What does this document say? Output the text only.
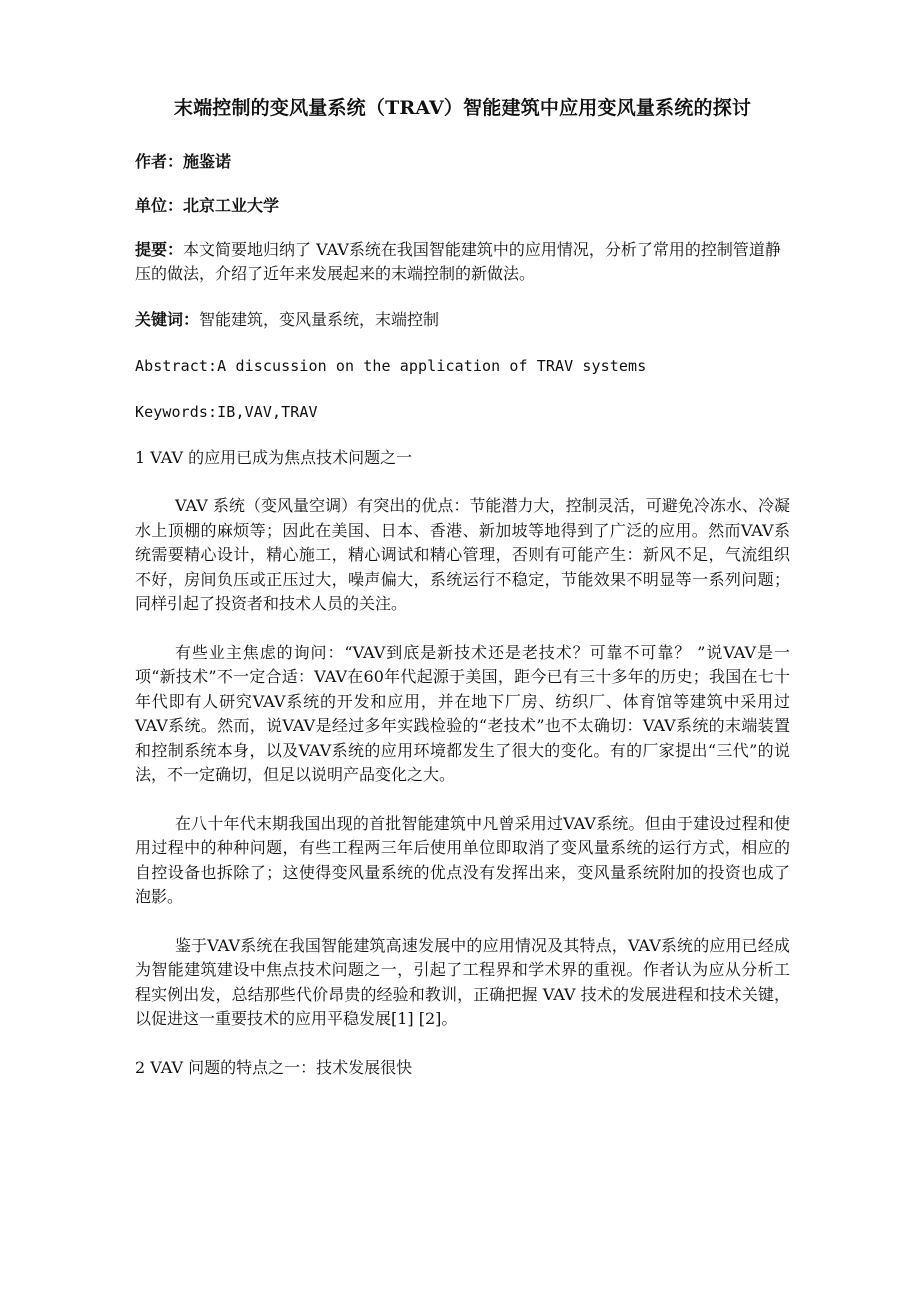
末端控制的变风量系统（TRAV）智能建筑中应用变风量系统的探讨

作者：施鉴诺

单位：北京工业大学

提要：本文简要地归纳了 VAV系统在我国智能建筑中的应用情况，分析了常用的控制管道静压的做法，介绍了近年来发展起来的末端控制的新做法。

关键词：智能建筑，变风量系统，末端控制

Abstract:A discussion on the application of TRAV systems

Keywords:IB,VAV,TRAV

1 VAV 的应用已成为焦点技术问题之一

VAV 系统（变风量空调）有突出的优点：节能潜力大，控制灵活，可避免冷冻水、冷凝水上顶棚的麻烦等；因此在美国、日本、香港、新加坡等地得到了广泛的应用。然而VAV系统需要精心设计，精心施工，精心调试和精心管理，否则有可能产生：新风不足，气流组织不好，房间负压或正压过大，噪声偏大，系统运行不稳定，节能效果不明显等一系列问题；同样引起了投资者和技术人员的关注。

有些业主焦虑的询问：“VAV到底是新技术还是老技术？可靠不可靠？ ”说VAV是一项“新技术”不一定合适：VAV在60年代起源于美国，距今已有三十多年的历史；我国在七十年代即有人研究VAV系统的开发和应用，并在地下厂房、纺织厂、体育馆等建筑中采用过VAV系统。然而，说VAV是经过多年实践检验的“老技术”也不太确切：VAV系统的末端装置和控制系统本身，以及VAV系统的应用环境都发生了很大的变化。有的厂家提出“三代”的说法，不一定确切，但足以说明产品变化之大。

在八十年代末期我国出现的首批智能建筑中凡曾采用过VAV系统。但由于建设过程和使用过程中的种种问题，有些工程两三年后使用单位即取消了变风量系统的运行方式，相应的自控设备也拆除了；这使得变风量系统的优点没有发挥出来，变风量系统附加的投资也成了泡影。

鉴于VAV系统在我国智能建筑高速发展中的应用情况及其特点，VAV系统的应用已经成为智能建筑建设中焦点技术问题之一，引起了工程界和学术界的重视。作者认为应从分析工程实例出发，总结那些代价昂贵的经验和教训，正确把握 VAV 技术的发展进程和技术关键，以促进这一重要技术的应用平稳发展[1] [2]。

2 VAV 问题的特点之一：技术发展很快
